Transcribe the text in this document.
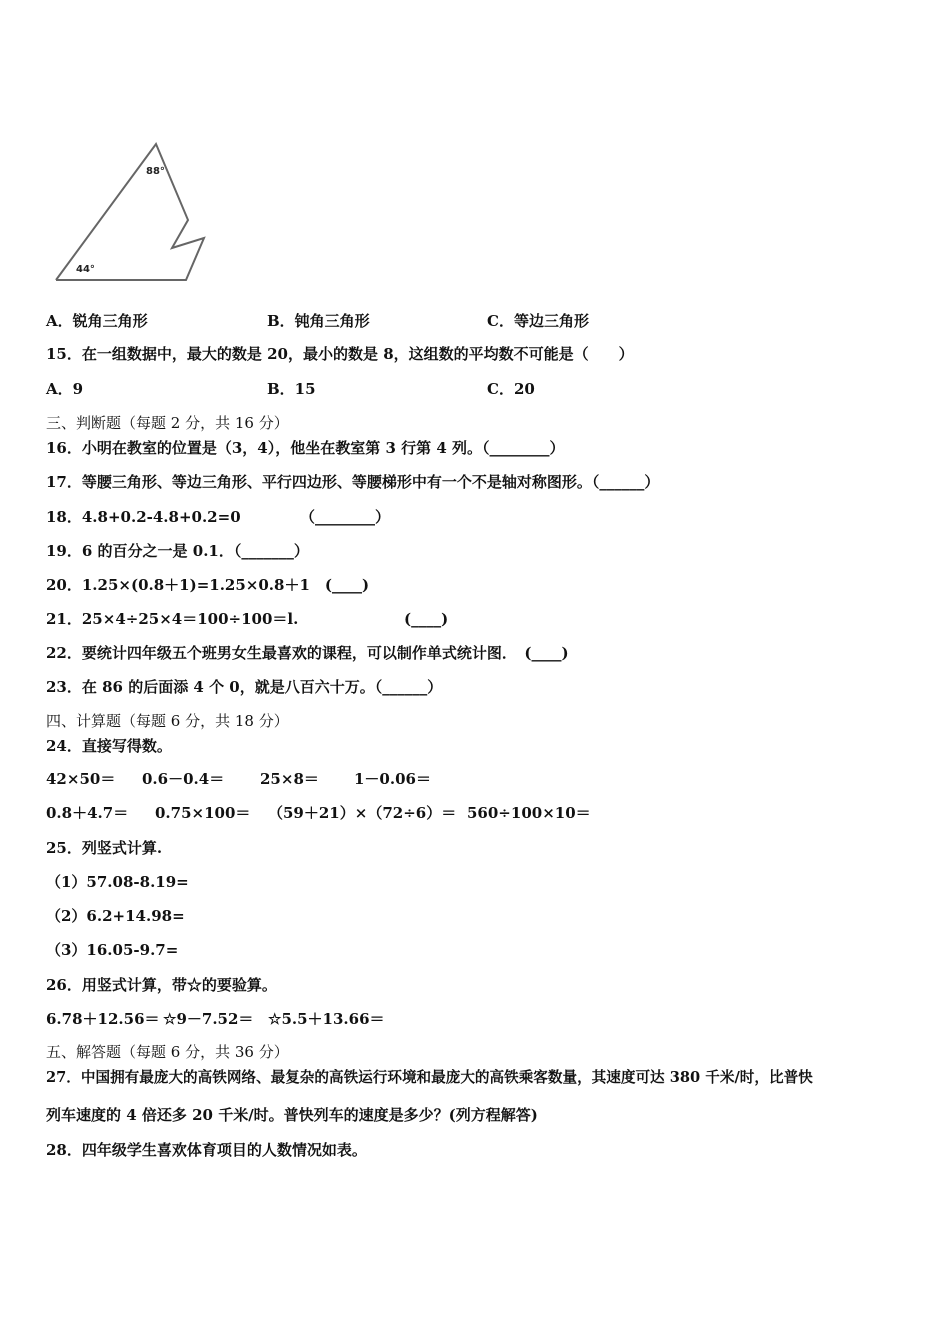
88°
44°
A．锐角三角形	B．钝角三角形	C．等边三角形
15．在一组数据中，最大的数是 20，最小的数是 8，这组数的平均数不可能是（　　）
A．9	B．15	C．20
三、判断题（每题 2 分，共 16 分）
16．小明在教室的位置是（3，4），他坐在教室第 3 行第 4 列。（________）
17．等腰三角形、等边三角形、平行四边形、等腰梯形中有一个不是轴对称图形。（______）
18．4.8+0.2-4.8+0.2=0	（________）
19．6 的百分之一是 0.1．（_______）
20．1.25×(0.8＋1)=1.25×0.8＋1　(____)
21．25×4÷25×4＝100÷100＝l.	(____)
22．要统计四年级五个班男女生最喜欢的课程，可以制作单式统计图．　(____)
23．在 86 的后面添 4 个 0，就是八百六十万。（______）
四、计算题（每题 6 分，共 18 分）
24．直接写得数。
42×50＝ 0.6－0.4＝ 25×8＝ 1－0.06＝
0.8＋4.7＝ 0.75×100＝ （59＋21）×（72÷6）＝ 560÷100×10＝
25．列竖式计算.
（1）57.08-8.19=
（2）6.2+14.98=
（3）16.05-9.7=
26．用竖式计算，带☆的要验算。
6.78＋12.56＝ ☆9－7.52＝ ☆5.5＋13.66＝
五、解答题（每题 6 分，共 36 分）
27．中国拥有最庞大的高铁网络、最复杂的高铁运行环境和最庞大的高铁乘客数量，其速度可达 380 千米/时，比普快
列车速度的 4 倍还多 20 千米/时。普快列车的速度是多少？(列方程解答)
28．四年级学生喜欢体育项目的人数情况如表。
